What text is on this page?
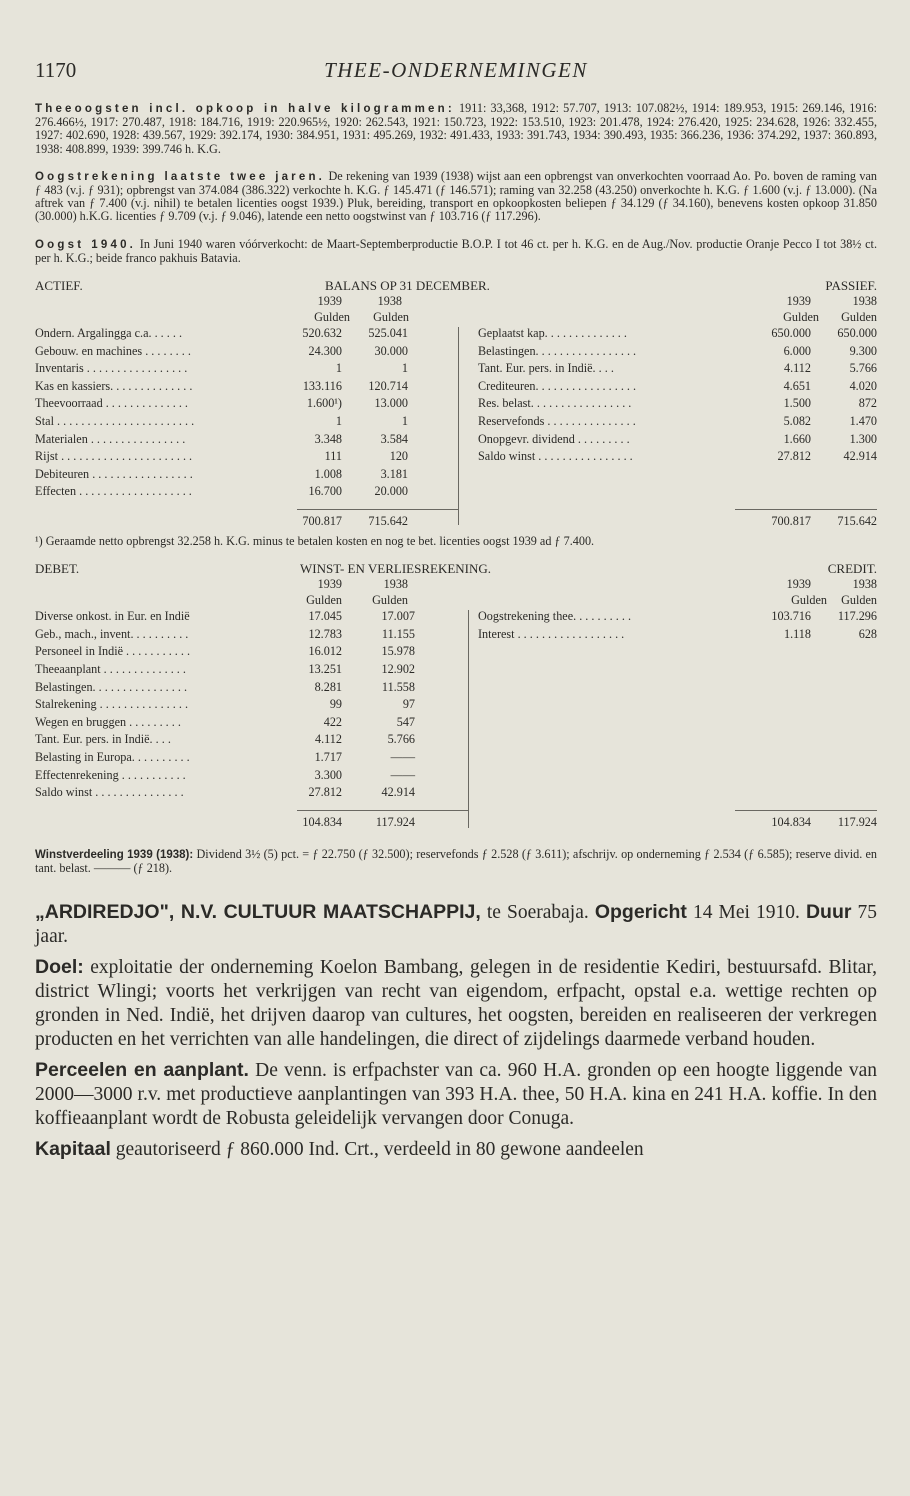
1170	THEE-ONDERNEMINGEN

Theeoogsten incl. opkoop in halve kilogrammen: 1911: 33,368, 1912: 57.707, 1913: 107.082½, 1914: 189.953, 1915: 269.146, 1916: 276.466½, 1917: 270.487, 1918: 184.716, 1919: 220.965½, 1920: 262.543, 1921: 150.723, 1922: 153.510, 1923: 201.478, 1924: 276.420, 1925: 234.628, 1926: 332.455, 1927: 402.690, 1928: 439.567, 1929: 392.174, 1930: 384.951, 1931: 495.269, 1932: 491.433, 1933: 391.743, 1934: 390.493, 1935: 366.236, 1936: 374.292, 1937: 360.893, 1938: 408.899, 1939: 399.746 h. K.G.

Oogstrekening laatste twee jaren. De rekening van 1939 (1938) wijst aan een opbrengst van onverkochten voorraad Ao. Po. boven de raming van ƒ 483 (v.j. ƒ 931); opbrengst van 374.084 (386.322) verkochte h. K.G. ƒ 145.471 (ƒ 146.571); raming van 32.258 (43.250) onverkochte h. K.G. ƒ 1.600 (v.j. ƒ 13.000). (Na aftrek van ƒ 7.400 (v.j. nihil) te betalen licenties oogst 1939.) Pluk, bereiding, transport en opkoopkosten beliepen ƒ 34.129 (ƒ 34.160), benevens kosten opkoop 31.850 (30.000) h.K.G. licenties ƒ 9.709 (v.j. ƒ 9.046), latende een netto oogstwinst van ƒ 103.716 (ƒ 117.296).

Oogst 1940. In Juni 1940 waren vóórverkocht: de Maart-Septemberproductie B.O.P. I tot 46 ct. per h. K.G. en de Aug./Nov. productie Oranje Pecco I tot 38½ ct. per h. K.G.; beide franco pakhuis Batavia.

ACTIEF.	BALANS OP 31 DECEMBER.	PASSIEF.
1939	1938	1939	1938
Gulden	Gulden	Gulden	Gulden
Ondern. Argalingga c.a. . . . . .	520.632	525.041
Gebouw. en machines . . . . . . . .	24.300	30.000
Inventaris . . . . . . . . . . . . . . . . .	1	1
Kas en kassiers. . . . . . . . . . . . . .	133.116	120.714
Theevoorraad . . . . . . . . . . . . . .	1.600¹)	13.000
Stal . . . . . . . . . . . . . . . . . . . . . . .	1	1
Materialen . . . . . . . . . . . . . . . .	3.348	3.584
Rijst . . . . . . . . . . . . . . . . . . . . . .	111	120
Debiteuren . . . . . . . . . . . . . . . . .	1.008	3.181
Effecten . . . . . . . . . . . . . . . . . . .	16.700	20.000
Geplaatst kap. . . . . . . . . . . . . .	650.000	650.000
Belastingen. . . . . . . . . . . . . . . . .	6.000	9.300
Tant. Eur. pers. in Indië. . . .	4.112	5.766
Crediteuren. . . . . . . . . . . . . . . . .	4.651	4.020
Res. belast. . . . . . . . . . . . . . . . .	1.500	872
Reservefonds . . . . . . . . . . . . . . .	5.082	1.470
Onopgevr. dividend . . . . . . . . .	1.660	1.300
Saldo winst . . . . . . . . . . . . . . . .	27.812	42.914
700.817	715.642	700.817	715.642
¹) Geraamde netto opbrengst 32.258 h. K.G. minus te betalen kosten en nog te bet. licenties oogst 1939 ad ƒ 7.400.
DEBET.	WINST- EN VERLIESREKENING.	CREDIT.
1939	1938	1939	1938
Gulden	Gulden	Gulden	Gulden
Diverse onkost. in Eur. en Indië	17.045	17.007
Geb., mach., invent. . . . . . . . . .	12.783	11.155
Personeel in Indië . . . . . . . . . . .	16.012	15.978
Theeaanplant . . . . . . . . . . . . . .	13.251	12.902
Belastingen. . . . . . . . . . . . . . . .	8.281	11.558
Stalrekening . . . . . . . . . . . . . . .	99	97
Wegen en bruggen . . . . . . . . .	422	547
Tant. Eur. pers. in Indië. . . .	4.112	5.766
Belasting in Europa. . . . . . . . . .	1.717	——
Effectenrekening . . . . . . . . . . .	3.300	——
Saldo winst . . . . . . . . . . . . . . .	27.812	42.914
Oogstrekening thee. . . . . . . . . .	103.716	117.296
Interest . . . . . . . . . . . . . . . . . .	1.118	628
104.834	117.924	104.834	117.924
Winstverdeeling 1939 (1938): Dividend 3½ (5) pct. = ƒ 22.750 (ƒ 32.500); reservefonds ƒ 2.528 (ƒ 3.611); afschrijv. op onderneming ƒ 2.534 (ƒ 6.585); reserve divid. en tant. belast. ——— (ƒ 218).

„ARDIREDJO", N.V. CULTUUR MAATSCHAPPIJ, te Soerabaja. Opgericht 14 Mei 1910. Duur 75 jaar.

Doel: exploitatie der onderneming Koelon Bambang, gelegen in de residentie Kediri, bestuursafd. Blitar, district Wlingi; voorts het verkrijgen van recht van eigendom, erfpacht, opstal e.a. wettige rechten op gronden in Ned. Indië, het drijven daarop van cultures, het oogsten, bereiden en realiseeren der verkregen producten en het verrichten van alle handelingen, die direct of zijdelings daarmede verband houden.

Perceelen en aanplant. De venn. is erfpachster van ca. 960 H.A. gronden op een hoogte liggende van 2000—3000 r.v. met productieve aanplantingen van 393 H.A. thee, 50 H.A. kina en 241 H.A. koffie. In den koffieaanplant wordt de Robusta geleidelijk vervangen door Conuga.

Kapitaal geautoriseerd ƒ 860.000 Ind. Crt., verdeeld in 80 gewone aandeelen
